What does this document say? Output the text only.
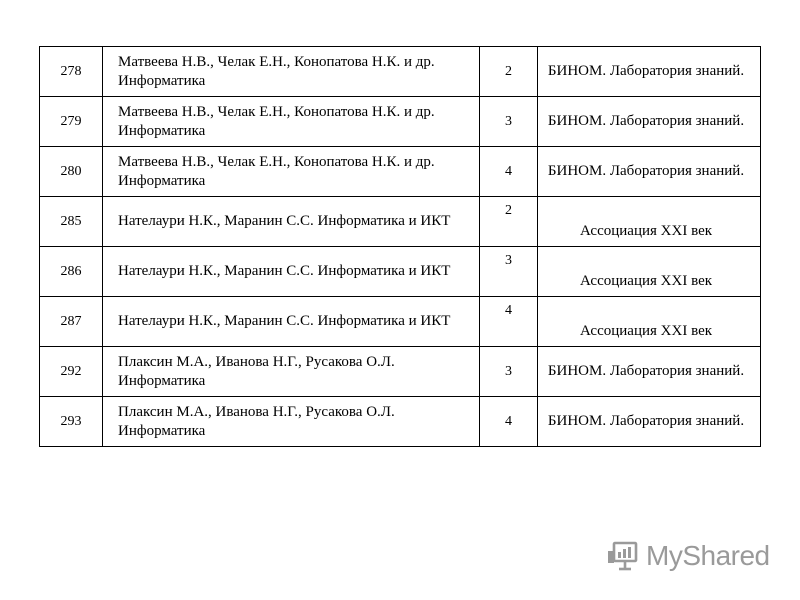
278	Матвеева Н.В., Челак Е.Н., Конопатова Н.К. и др. Информатика	2	БИНОМ. Лаборатория знаний.
279	Матвеева Н.В., Челак Е.Н., Конопатова Н.К. и др. Информатика	3	БИНОМ. Лаборатория знаний.
280	Матвеева Н.В., Челак Е.Н., Конопатова Н.К. и др. Информатика	4	БИНОМ. Лаборатория знаний.
285	Нателаури Н.К., Маранин С.С. Информатика и ИКТ	2	Ассоциация XXI век
286	Нателаури Н.К., Маранин С.С. Информатика и ИКТ	3	Ассоциация XXI век
287	Нателаури Н.К., Маранин С.С. Информатика и ИКТ	4	Ассоциация XXI век
292	Плаксин М.А., Иванова Н.Г., Русакова О.Л. Информатика	3	БИНОМ. Лаборатория знаний.
293	Плаксин М.А., Иванова Н.Г., Русакова О.Л. Информатика	4	БИНОМ. Лаборатория знаний.
MyShared
